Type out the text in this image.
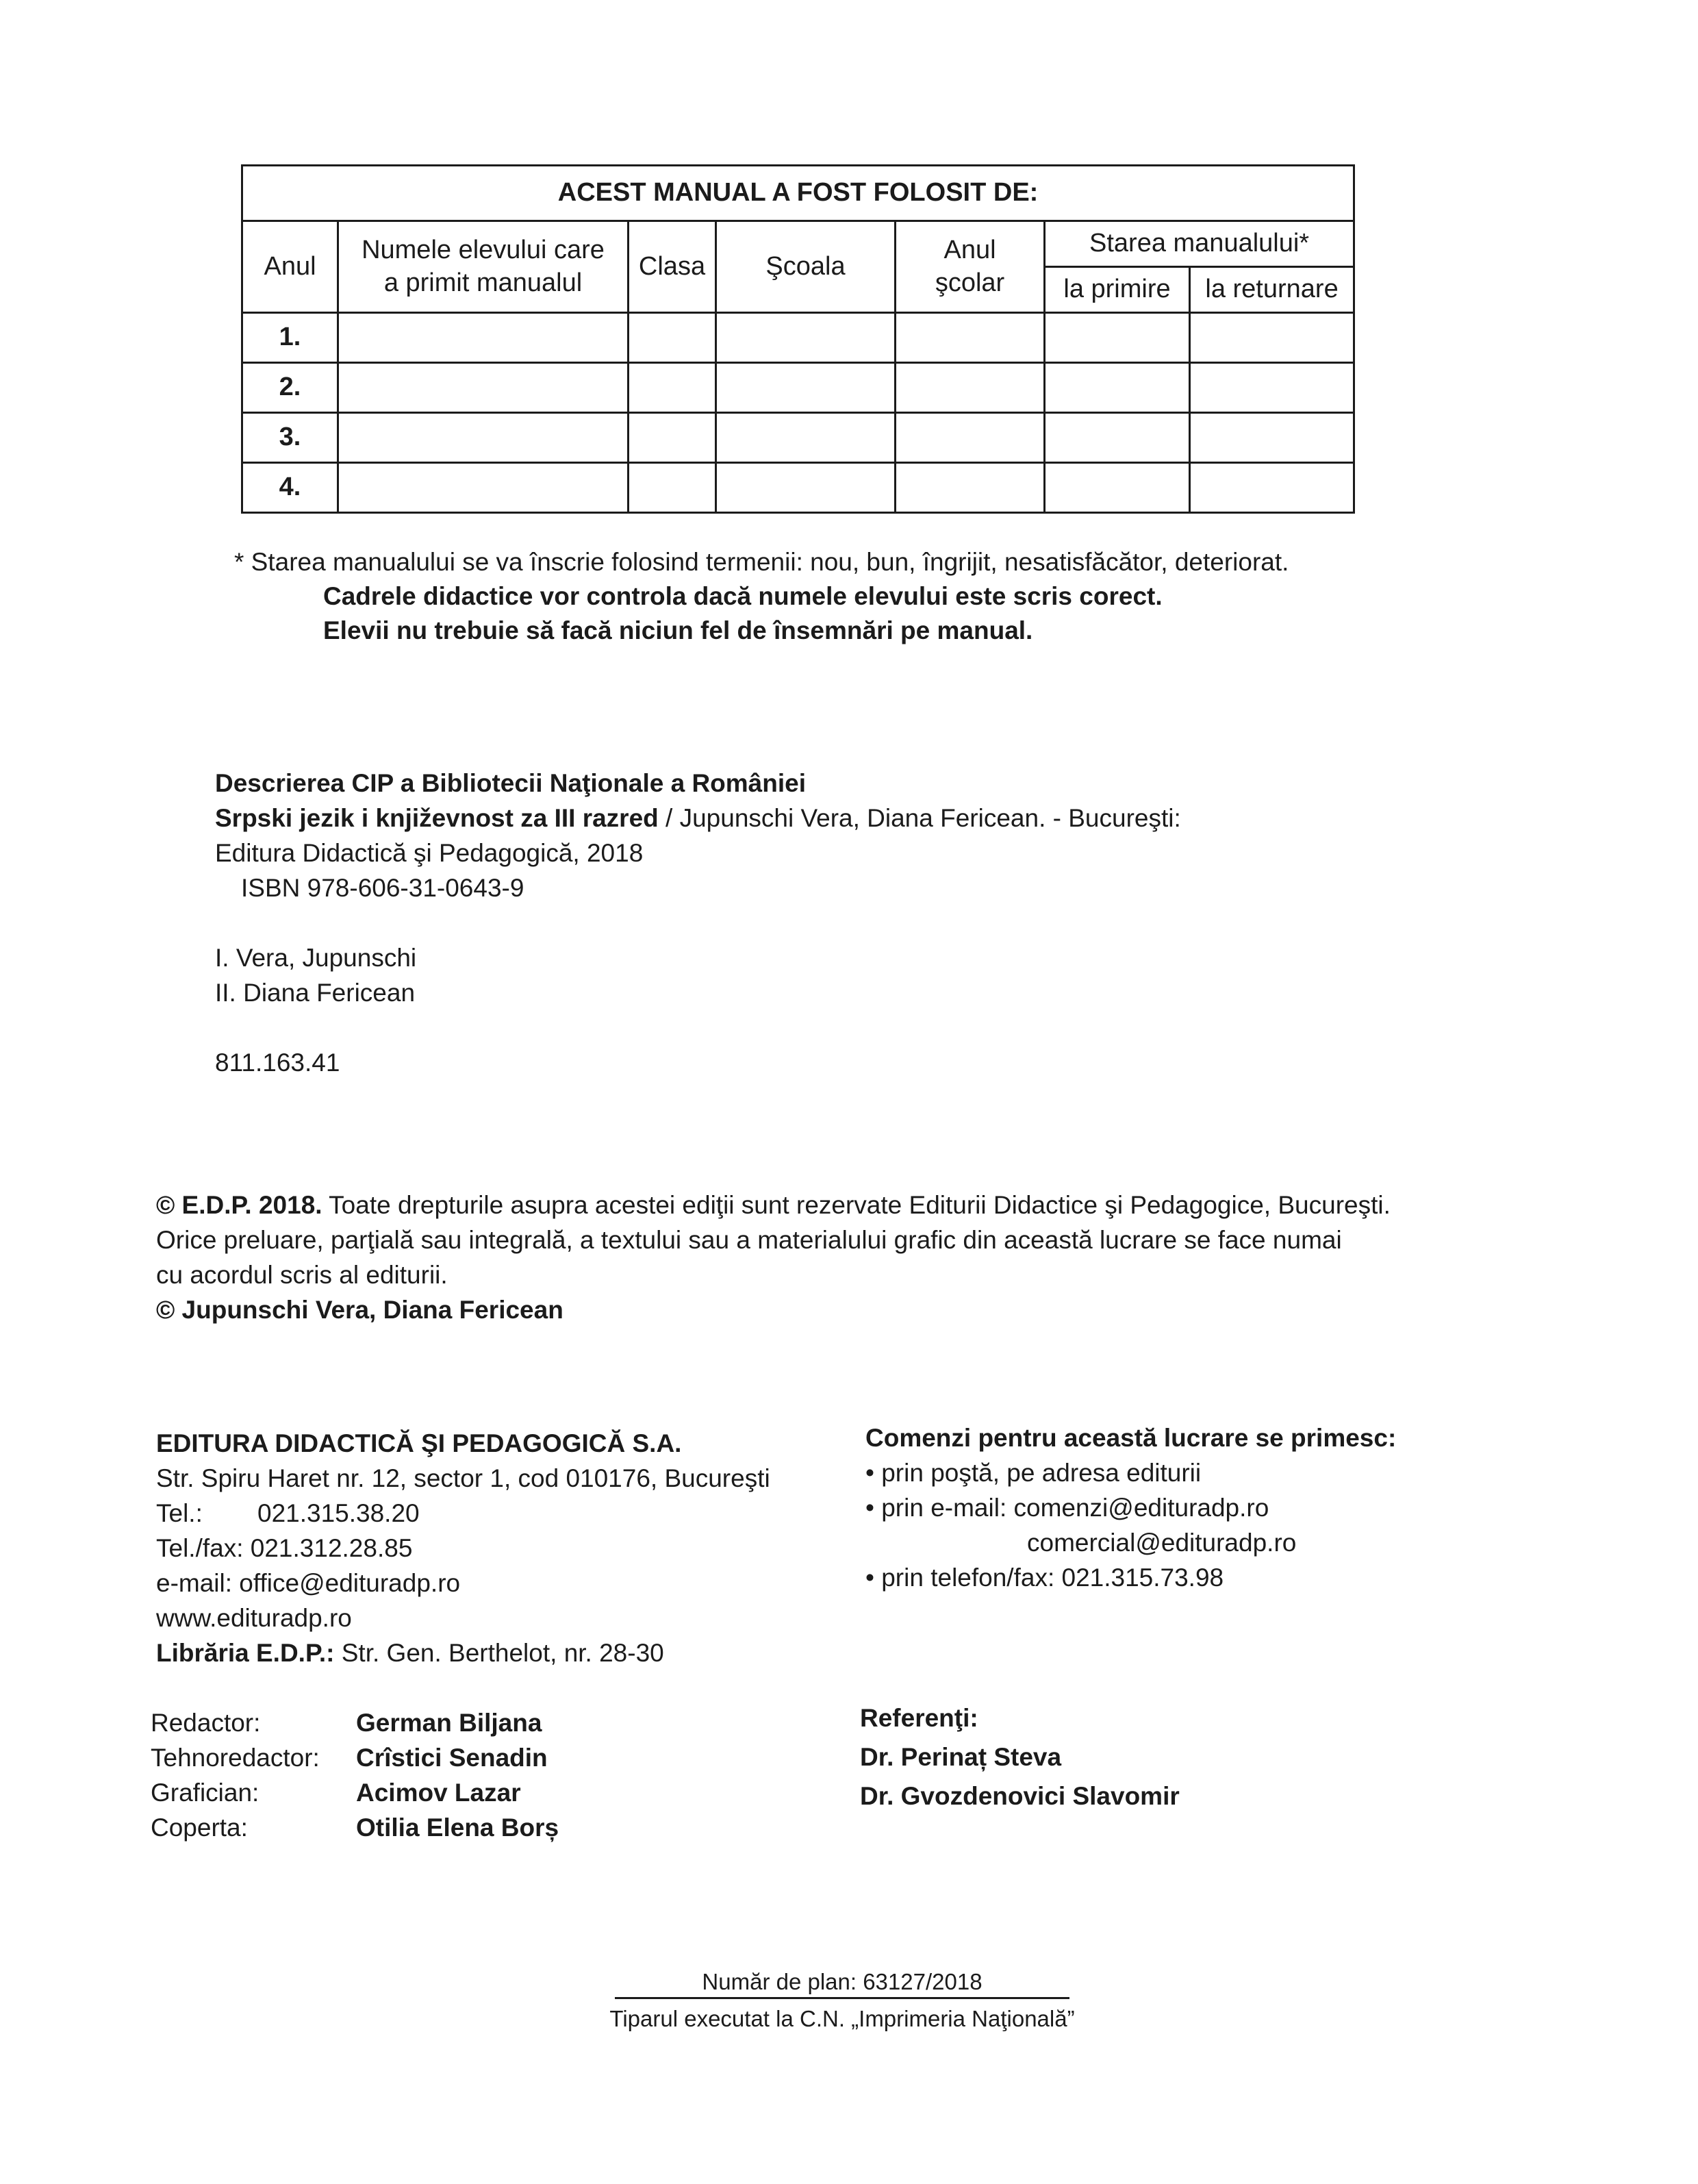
ACEST MANUAL A FOST FOLOSIT DE:						
Anul	Numele elevului care a primit manualul	Clasa	Şcoala	Anul şcolar	Starea manualului*	
					la primire	la returnare
1.						
2.						
3.						
4.						
* Starea manualului se va înscrie folosind termenii: nou, bun, îngrijit, nesatisfăcător, deteriorat.
Cadrele didactice vor controla dacă numele elevului este scris corect.
Elevii nu trebuie să facă niciun fel de însemnări pe manual.
Descrierea CIP a Bibliotecii Naţionale a României
Srpski jezik i književnost za III razred / Jupunschi Vera, Diana Fericean. - Bucureşti:
Editura Didactică şi Pedagogică, 2018
ISBN 978-606-31-0643-9
I. Vera, Jupunschi
II. Diana Fericean
811.163.41
© E.D.P. 2018. Toate drepturile asupra acestei ediţii sunt rezervate Editurii Didactice şi Pedagogice, Bucureşti.
Orice preluare, parţială sau integrală, a textului sau a materialului grafic din această lucrare se face numai
cu acordul scris al editurii.
© Jupunschi Vera, Diana Fericean
EDITURA DIDACTICĂ ŞI PEDAGOGICĂ S.A.
Str. Spiru Haret nr. 12, sector 1, cod 010176, Bucureşti
Tel.: 021.315.38.20
Tel./fax: 021.312.28.85
e-mail: office@edituradp.ro
www.edituradp.ro
Librăria E.D.P.: Str. Gen. Berthelot, nr. 28-30
Comenzi pentru această lucrare se primesc:
• prin poştă, pe adresa editurii
• prin e-mail: comenzi@edituradp.ro
comercial@edituradp.ro
• prin telefon/fax: 021.315.73.98
Redactor:	German Biljana
Tehnoredactor:	Crîstici Senadin
Grafician:	Acimov Lazar
Coperta:	Otilia Elena Borș
Referenţi:
Dr. Perinaț Steva
Dr. Gvozdenovici Slavomir
Număr de plan: 63127/2018
Tiparul executat la C.N. „Imprimeria Naţională”
